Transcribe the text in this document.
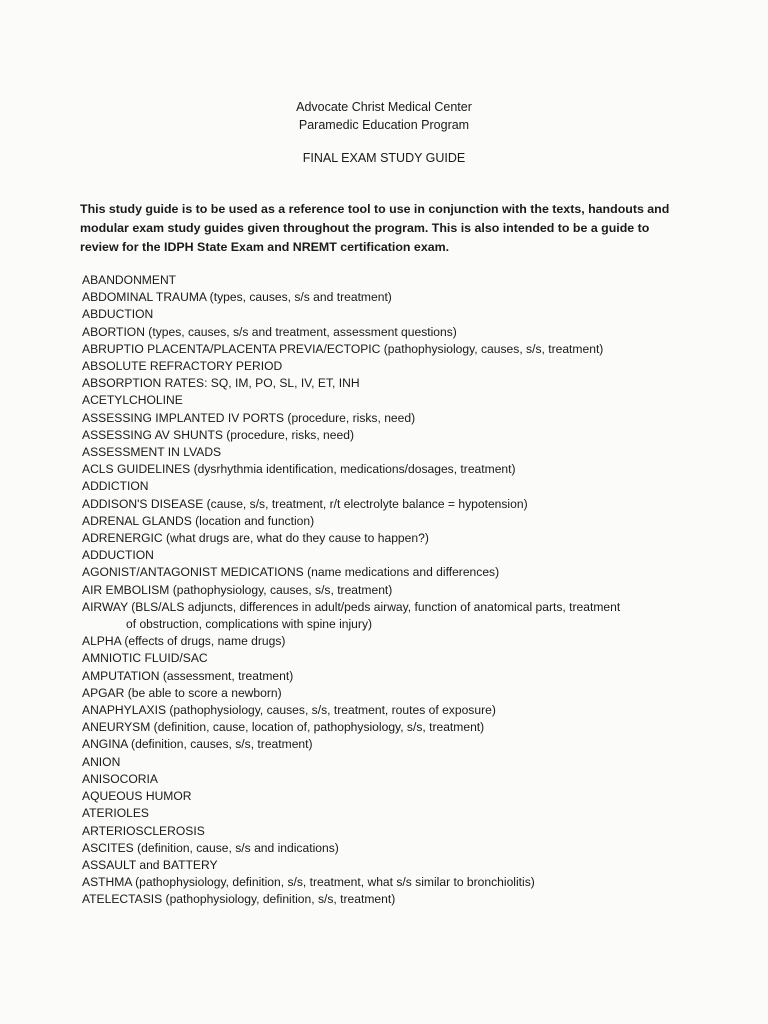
Advocate Christ Medical Center
Paramedic Education Program
FINAL EXAM STUDY GUIDE
This study guide is to be used as a reference tool to use in conjunction with the texts, handouts and
modular exam study guides given throughout the program. This is also intended to be a guide to
review for the IDPH State Exam and NREMT certification exam.
ABANDONMENT
ABDOMINAL TRAUMA (types, causes, s/s and treatment)
ABDUCTION
ABORTION (types, causes, s/s and treatment, assessment questions)
ABRUPTIO PLACENTA/PLACENTA PREVIA/ECTOPIC (pathophysiology, causes, s/s, treatment)
ABSOLUTE REFRACTORY PERIOD
ABSORPTION RATES: SQ, IM, PO, SL, IV, ET, INH
ACETYLCHOLINE
ASSESSING IMPLANTED IV PORTS (procedure, risks, need)
ASSESSING AV SHUNTS (procedure, risks, need)
ASSESSMENT IN LVADS
ACLS GUIDELINES (dysrhythmia identification, medications/dosages, treatment)
ADDICTION
ADDISON'S DISEASE (cause, s/s, treatment, r/t electrolyte balance = hypotension)
ADRENAL GLANDS (location and function)
ADRENERGIC (what drugs are, what do they cause to happen?)
ADDUCTION
AGONIST/ANTAGONIST MEDICATIONS (name medications and differences)
AIR EMBOLISM (pathophysiology, causes, s/s, treatment)
AIRWAY (BLS/ALS adjuncts, differences in adult/peds airway, function of anatomical parts, treatment
of obstruction, complications with spine injury)
ALPHA (effects of drugs, name drugs)
AMNIOTIC FLUID/SAC
AMPUTATION (assessment, treatment)
APGAR (be able to score a newborn)
ANAPHYLAXIS (pathophysiology, causes, s/s, treatment, routes of exposure)
ANEURYSM (definition, cause, location of, pathophysiology, s/s, treatment)
ANGINA (definition, causes, s/s, treatment)
ANION
ANISOCORIA
AQUEOUS HUMOR
ATERIOLES
ARTERIOSCLEROSIS
ASCITES (definition, cause, s/s and indications)
ASSAULT and BATTERY
ASTHMA (pathophysiology, definition, s/s, treatment, what s/s similar to bronchiolitis)
ATELECTASIS (pathophysiology, definition, s/s, treatment)
